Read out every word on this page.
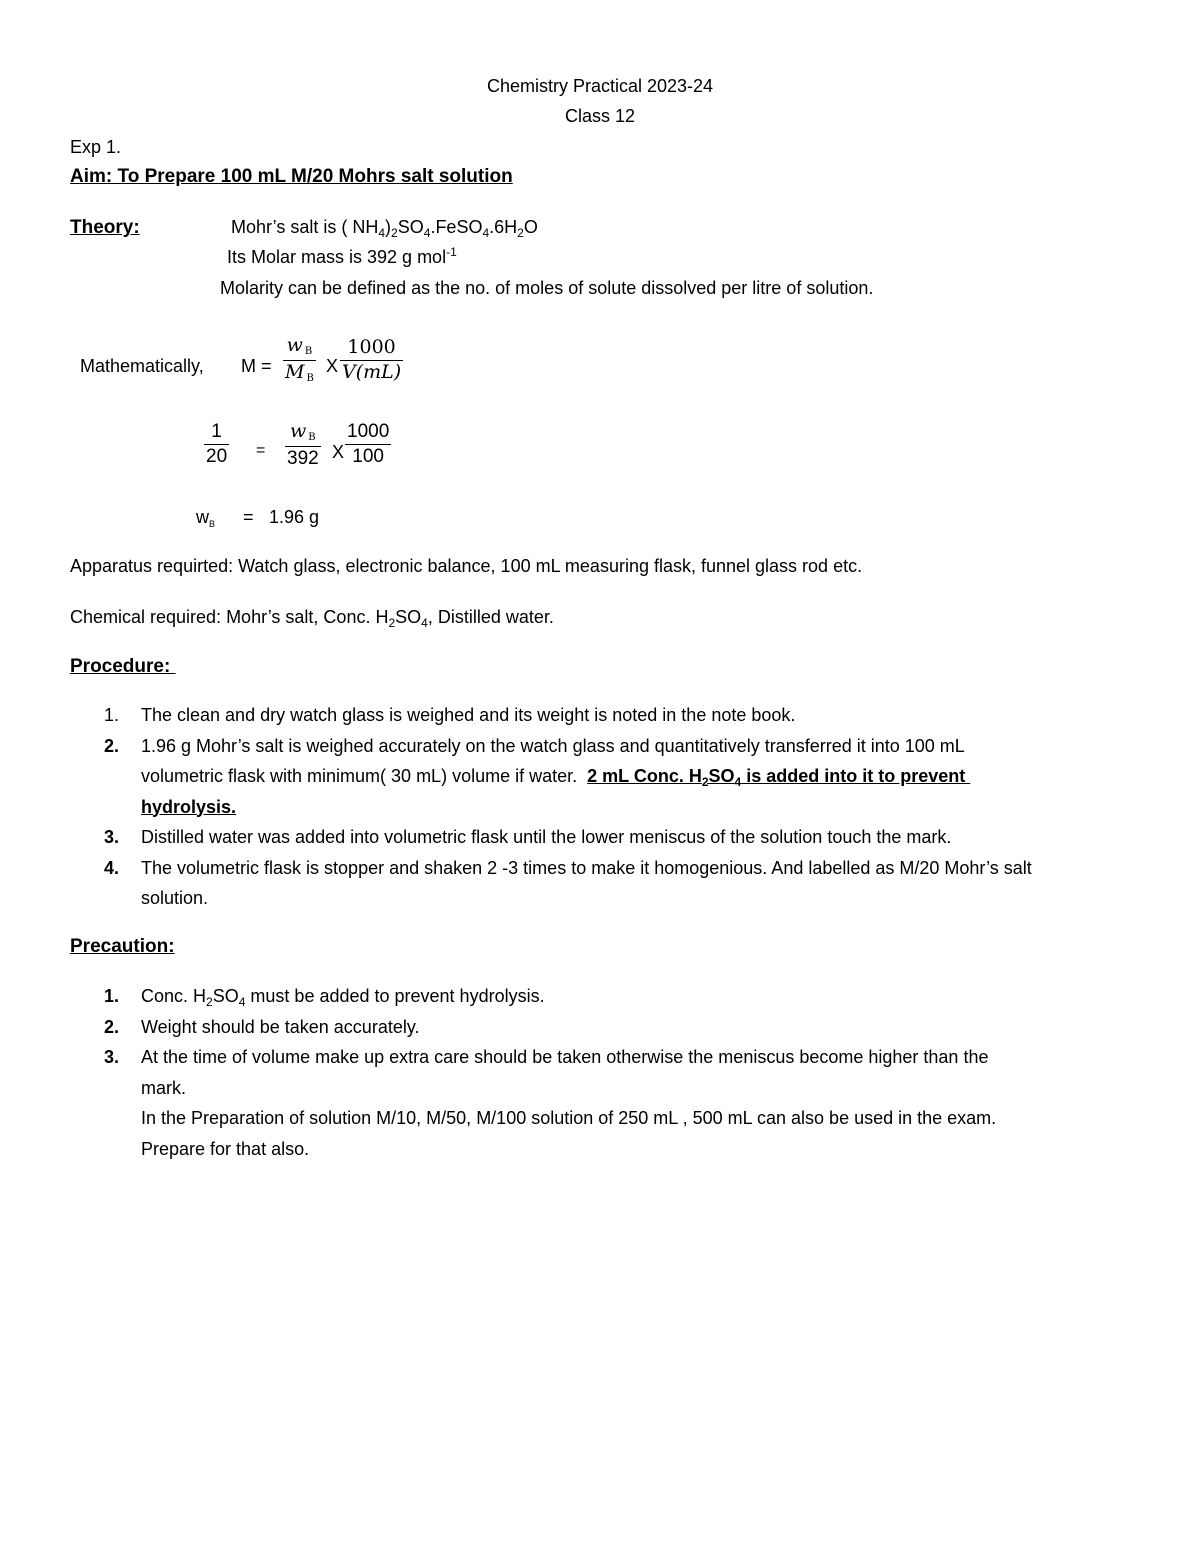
Chemistry Practical 2023-24
Class 12
Exp 1.
Aim: To Prepare 100 mL M/20 Mohrs salt solution
Theory:	Mohr’s salt is ( $NH_4)_2SO_4.FeSO_4.6H_2O$
Its Molar mass is 392 g mol$^{-1}$
Molarity can be defined as the no. of moles of solute dissolved per litre of solution.
Mathematically, M =
w B
M B
X
1000
V(mL)
1
20 =
w B
392 X
1000
100
$w_B = 1.96$ g
Apparatus requirted: Watch glass, electronic balance, 100 mL measuring flask, funnel glass rod etc.
Chemical required: Mohr’s salt, Conc. $H_2SO_4$, Distilled water.
Procedure:
1. The clean and dry watch glass is weighed and its weight is noted in the note book.
2. 1.96 g Mohr’s salt is weighed accurately on the watch glass and quantitatively transferred it into 100 mL
volumetric flask with minimum( 30 mL) volume if water. 2 mL Conc. $H_2SO_4$ is added into it to prevent
hydrolysis.
3. Distilled water was added into volumetric flask until the lower meniscus of the solution touch the mark.
4. The volumetric flask is stopper and shaken 2 -3 times to make it homogenious. And labelled as M/20 Mohr’s salt
solution.
Precaution:
1. Conc. $H_2SO_4$ must be added to prevent hydrolysis.
2. Weight should be taken accurately.
3. At the time of volume make up extra care should be taken otherwise the meniscus become higher than the
mark.
In the Preparation of solution M/10, M/50, M/100 solution of 250 mL , 500 mL can also be used in the exam.
Prepare for that also.
